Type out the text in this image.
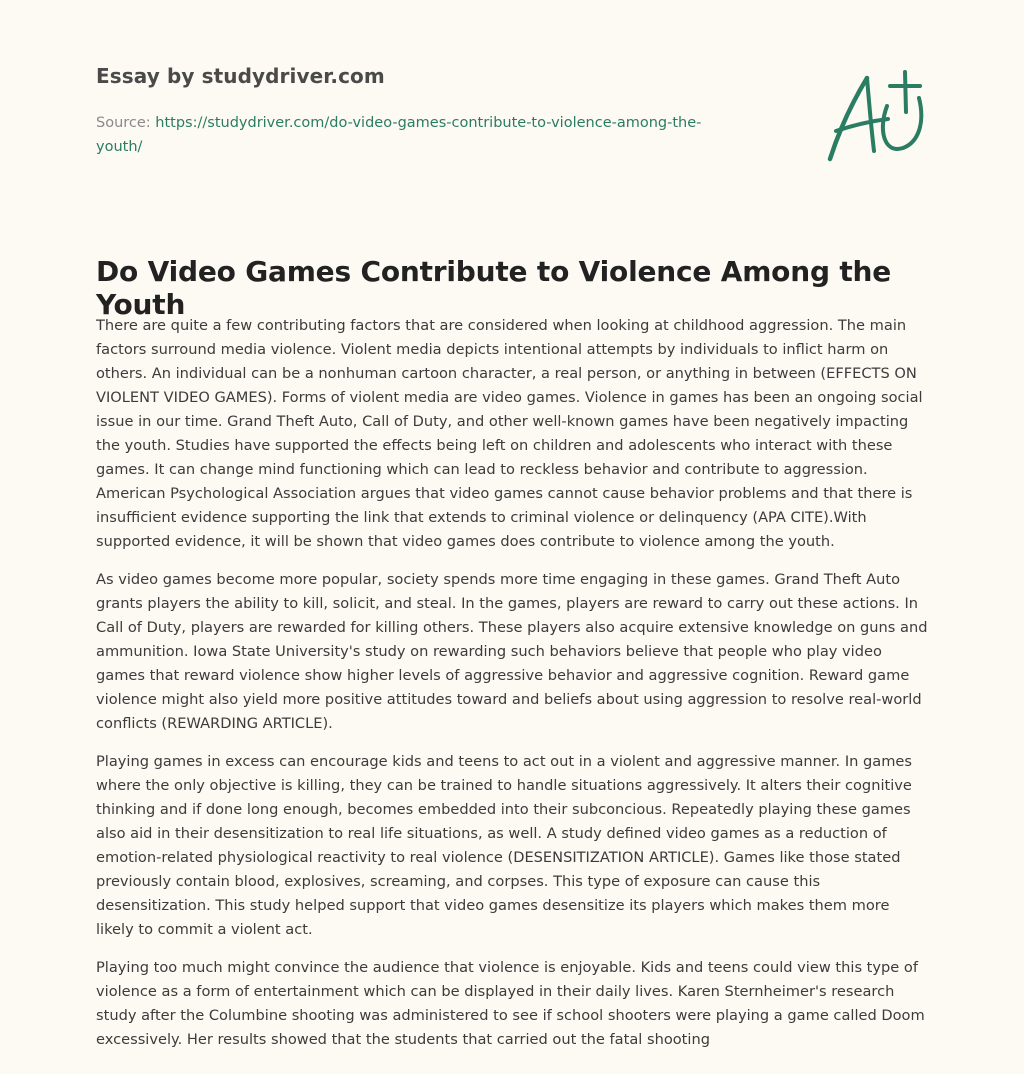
Essay by studydriver.com
Source: https://studydriver.com/do-video-games-contribute-to-violence-among-the-youth/
Do Video Games Contribute to Violence Among the Youth

There are quite a few contributing factors that are considered when looking at childhood aggression. The main factors surround media violence. Violent media depicts intentional attempts by individuals to inflict harm on others. An individual can be a nonhuman cartoon character, a real person, or anything in between (EFFECTS ON VIOLENT VIDEO GAMES). Forms of violent media are video games. Violence in games has been an ongoing social issue in our time. Grand Theft Auto, Call of Duty, and other well-known games have been negatively impacting the youth. Studies have supported the effects being left on children and adolescents who interact with these games. It can change mind functioning which can lead to reckless behavior and contribute to aggression. American Psychological Association argues that video games cannot cause behavior problems and that there is insufficient evidence supporting the link that extends to criminal violence or delinquency (APA CITE).With supported evidence, it will be shown that video games does contribute to violence among the youth.

As video games become more popular, society spends more time engaging in these games. Grand Theft Auto grants players the ability to kill, solicit, and steal. In the games, players are reward to carry out these actions. In Call of Duty, players are rewarded for killing others. These players also acquire extensive knowledge on guns and ammunition. Iowa State University's study on rewarding such behaviors believe that people who play video games that reward violence show higher levels of aggressive behavior and aggressive cognition. Reward game violence might also yield more positive attitudes toward and beliefs about using aggression to resolve real-world conflicts (REWARDING ARTICLE).

Playing games in excess can encourage kids and teens to act out in a violent and aggressive manner. In games where the only objective is killing, they can be trained to handle situations aggressively. It alters their cognitive thinking and if done long enough, becomes embedded into their subconcious. Repeatedly playing these games also aid in their desensitization to real life situations, as well. A study defined video games as a reduction of emotion-related physiological reactivity to real violence (DESENSITIZATION ARTICLE). Games like those stated previously contain blood, explosives, screaming, and corpses. This type of exposure can cause this desensitization. This study helped support that video games desensitize its players which makes them more likely to commit a violent act.

Playing too much might convince the audience that violence is enjoyable. Kids and teens could view this type of violence as a form of entertainment which can be displayed in their daily lives. Karen Sternheimer's research study after the Columbine shooting was administered to see if school shooters were playing a game called Doom excessively. Her results showed that the students that carried out the fatal shooting
